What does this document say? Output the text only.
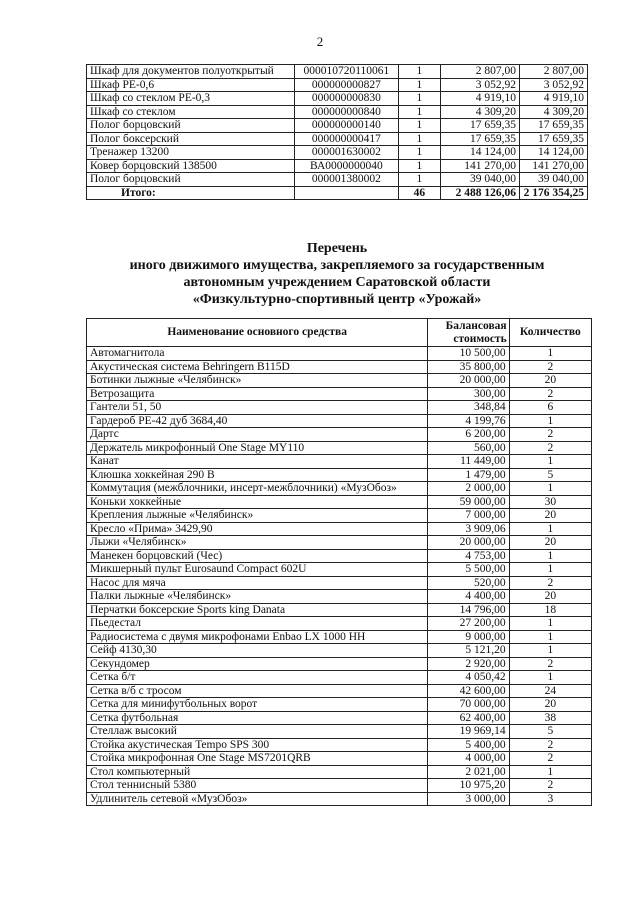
2
Шкаф для документов полуоткрытый	000010720110061	1	2 807,00	2 807,00
Шкаф РЕ-0,6	000000000827	1	3 052,92	3 052,92
Шкаф со стеклом РЕ-0,3	000000000830	1	4 919,10	4 919,10
Шкаф со стеклом	000000000840	1	4 309,20	4 309,20
Полог борцовский	000000000140	1	17 659,35	17 659,35
Полог боксерский	000000000417	1	17 659,35	17 659,35
Тренажер 13200	000001630002	1	14 124,00	14 124,00
Ковер борцовский 138500	ВА0000000040	1	141 270,00	141 270,00
Полог борцовский	000001380002	1	39 040,00	39 040,00
Итого:		46	2 488 126,06	2 176 354,25
Перечень
иного движимого имущества, закрепляемого за государственным
автономным учреждением Саратовской области
«Физкультурно-спортивный центр «Урожай»
Наименование основного средства	Балансовая стоимость	Количество
Автомагнитола	10 500,00	1
Акустическая система Behringern B115D	35 800,00	2
Ботинки лыжные «Челябинск»	20 000,00	20
Ветрозащита	300,00	2
Гантели 51, 50	348,84	6
Гардероб РЕ-42 дуб 3684,40	4 199,76	1
Дартс	6 200,00	2
Держатель микрофонный One Stage MY110	560,00	2
Канат	11 449,00	1
Клюшка хоккейная 290 В	1 479,00	5
Коммутация (межблочники, инсерт-межблочники) «МузОбоз»	2 000,00	1
Коньки хоккейные	59 000,00	30
Крепления лыжные «Челябинск»	7 000,00	20
Кресло «Прима» 3429,90	3 909,06	1
Лыжи «Челябинск»	20 000,00	20
Манекен борцовский (Чес)	4 753,00	1
Микшерный пульт Eurosaund Compact 602U	5 500,00	1
Насос для мяча	520,00	2
Палки лыжные «Челябинск»	4 400,00	20
Перчатки боксерские Sports king Danata	14 796,00	18
Пьедестал	27 200,00	1
Радиосистема с двумя микрофонами Enbao LX 1000 HH	9 000,00	1
Сейф 4130,30	5 121,20	1
Секундомер	2 920,00	2
Сетка б/т	4 050,42	1
Сетка в/б с тросом	42 600,00	24
Сетка для минифутбольных ворот	70 000,00	20
Сетка футбольная	62 400,00	38
Стеллаж высокий	19 969,14	5
Стойка акустическая Tempo SPS 300	5 400,00	2
Стойка микрофонная One Stage MS7201QRB	4 000,00	2
Стол компьютерный	2 021,00	1
Стол теннисный 5380	10 975,20	2
Удлинитель сетевой «МузОбоз»	3 000,00	3
